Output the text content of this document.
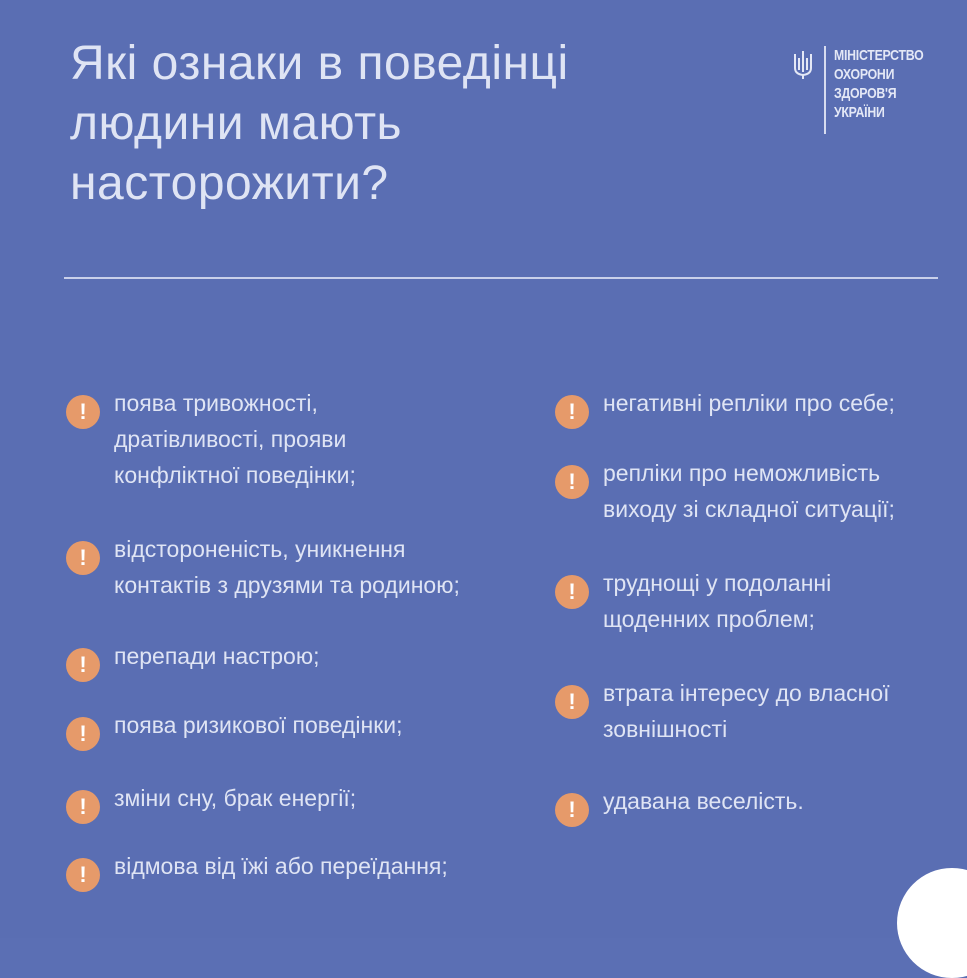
Які ознаки в поведінці
людини мають
насторожити?
МІНІСТЕРСТВО
ОХОРОНИ
ЗДОРОВ'Я
УКРАЇНИ
!	поява тривожності,
дратівливості, прояви
конфліктної поведінки;
!	відстороненість, уникнення
контактів з друзями та родиною;
!	перепади настрою;
!	поява ризикової поведінки;
!	зміни сну, брак енергії;
!	відмова від їжі або переїдання;
!	негативні репліки про себе;
!	репліки про неможливість
виходу зі складної ситуації;
!	труднощі у подоланні
щоденних проблем;
!	втрата інтересу до власної
зовнішності
!	удавана веселість.
